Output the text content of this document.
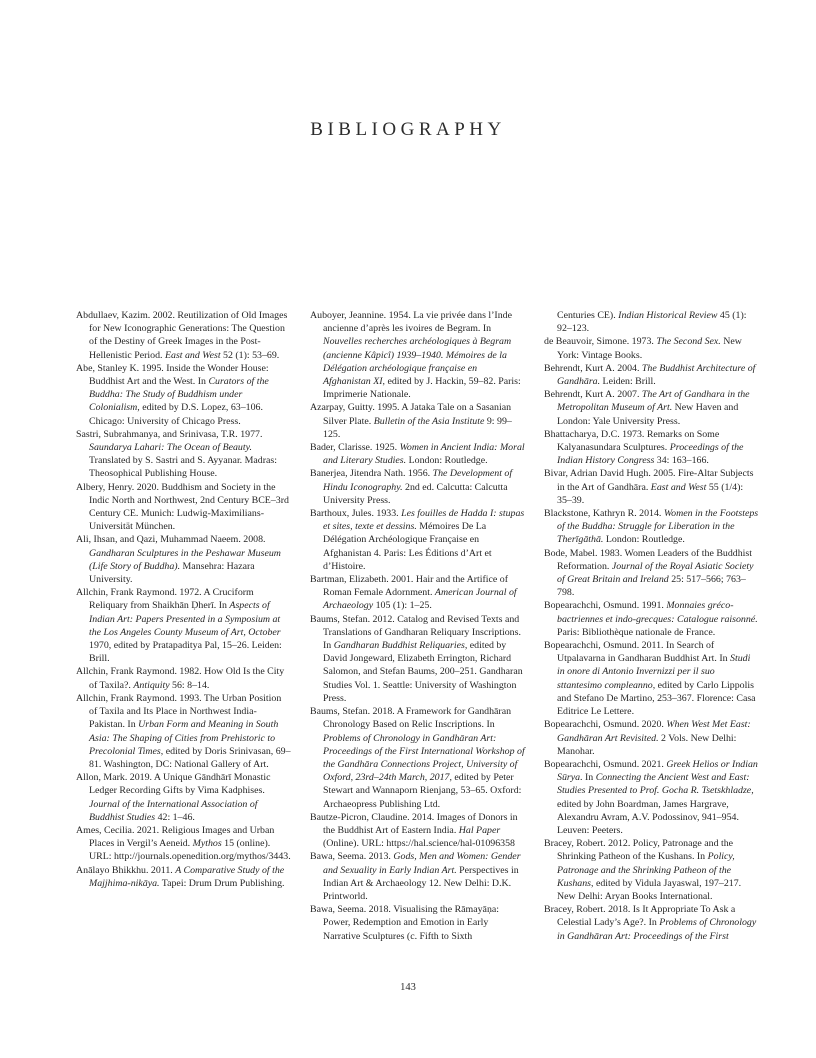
BIBLIOGRAPHY

Abdullaev, Kazim. 2002. Reutilization of Old Images for New Iconographic Generations: The Question of the Destiny of Greek Images in the Post-Hellenistic Period. East and West 52 (1): 53–69.

Abe, Stanley K. 1995. Inside the Wonder House: Buddhist Art and the West. In Curators of the Buddha: The Study of Buddhism under Colonialism, edited by D.S. Lopez, 63–106. Chicago: University of Chicago Press.

Sastri, Subrahmanya, and Srinivasa, T.R. 1977. Saundarya Lahari: The Ocean of Beauty. Translated by S. Sastri and S. Ayyanar. Madras: Theosophical Publishing House.

Albery, Henry. 2020. Buddhism and Society in the Indic North and Northwest, 2nd Century BCE–3rd Century CE. Munich: Ludwig-Maximilians-Universität München.

Ali, Ihsan, and Qazi, Muhammad Naeem. 2008. Gandharan Sculptures in the Peshawar Museum (Life Story of Buddha). Mansehra: Hazara University.

Allchin, Frank Raymond. 1972. A Cruciform Reliquary from Shaikhān Ḍherī. In Aspects of Indian Art: Papers Presented in a Symposium at the Los Angeles County Museum of Art, October 1970, edited by Pratapaditya Pal, 15–26. Leiden: Brill.

Allchin, Frank Raymond. 1982. How Old Is the City of Taxila?. Antiquity 56: 8–14.

Allchin, Frank Raymond. 1993. The Urban Position of Taxila and Its Place in Northwest India-Pakistan. In Urban Form and Meaning in South Asia: The Shaping of Cities from Prehistoric to Precolonial Times, edited by Doris Srinivasan, 69–81. Washington, DC: National Gallery of Art.

Allon, Mark. 2019. A Unique Gāndhārī Monastic Ledger Recording Gifts by Vima Kadphises. Journal of the International Association of Buddhist Studies 42: 1–46.

Ames, Cecilia. 2021. Religious Images and Urban Places in Vergil’s Aeneid. Mythos 15 (online). URL: http://journals.openedition.org/mythos/3443.

Anālayo Bhikkhu. 2011. A Comparative Study of the Majjhima-nikāya. Tapei: Drum Drum Publishing.

Auboyer, Jeannine. 1954. La vie privée dans l’Inde ancienne d’après les ivoires de Begram. In Nouvelles recherches archéologiques à Begram (ancienne Kâpicî) 1939–1940. Mémoires de la Délégation archéologique française en Afghanistan XI, edited by J. Hackin, 59–82. Paris: Imprimerie Nationale.

Azarpay, Guitty. 1995. A Jataka Tale on a Sasanian Silver Plate. Bulletin of the Asia Institute 9: 99–125.

Bader, Clarisse. 1925. Women in Ancient India: Moral and Literary Studies. London: Routledge.

Banerjea, Jitendra Nath. 1956. The Development of Hindu Iconography. 2nd ed. Calcutta: Calcutta University Press.

Barthoux, Jules. 1933. Les fouilles de Hadda I: stupas et sites, texte et dessins. Mémoires De La Délégation Archéologique Française en Afghanistan 4. Paris: Les Éditions d’Art et d’Histoire.

Bartman, Elizabeth. 2001. Hair and the Artifice of Roman Female Adornment. American Journal of Archaeology 105 (1): 1–25.

Baums, Stefan. 2012. Catalog and Revised Texts and Translations of Gandharan Reliquary Inscriptions. In Gandharan Buddhist Reliquaries, edited by David Jongeward, Elizabeth Errington, Richard Salomon, and Stefan Baums, 200–251. Gandharan Studies Vol. 1. Seattle: University of Washington Press.

Baums, Stefan. 2018. A Framework for Gandhāran Chronology Based on Relic Inscriptions. In Problems of Chronology in Gandhāran Art: Proceedings of the First International Workshop of the Gandhāra Connections Project, University of Oxford, 23rd–24th March, 2017, edited by Peter Stewart and Wannaporn Rienjang, 53–65. Oxford: Archaeopress Publishing Ltd.

Bautze-Picron, Claudine. 2014. Images of Donors in the Buddhist Art of Eastern India. Hal Paper (Online). URL: https://hal.science/hal-01096358

Bawa, Seema. 2013. Gods, Men and Women: Gender and Sexuality in Early Indian Art. Perspectives in Indian Art & Archaeology 12. New Delhi: D.K. Printworld.

Bawa, Seema. 2018. Visualising the Rāmayāṇa: Power, Redemption and Emotion in Early Narrative Sculptures (c. Fifth to Sixth

Centuries CE). Indian Historical Review 45 (1): 92–123.

de Beauvoir, Simone. 1973. The Second Sex. New York: Vintage Books.

Behrendt, Kurt A. 2004. The Buddhist Architecture of Gandhāra. Leiden: Brill.

Behrendt, Kurt A. 2007. The Art of Gandhara in the Metropolitan Museum of Art. New Haven and London: Yale University Press.

Bhattacharya, D.C. 1973. Remarks on Some Kalyanasundara Sculptures. Proceedings of the Indian History Congress 34: 163–166.

Bivar, Adrian David Hugh. 2005. Fire-Altar Subjects in the Art of Gandhāra. East and West 55 (1/4): 35–39.

Blackstone, Kathryn R. 2014. Women in the Footsteps of the Buddha: Struggle for Liberation in the Therīgāthā. London: Routledge.

Bode, Mabel. 1983. Women Leaders of the Buddhist Reformation. Journal of the Royal Asiatic Society of Great Britain and Ireland 25: 517–566; 763–798.

Bopearachchi, Osmund. 1991. Monnaies gréco-bactriennes et indo-grecques: Catalogue raisonné. Paris: Bibliothèque nationale de France.

Bopearachchi, Osmund. 2011. In Search of Utpalavarna in Gandharan Buddhist Art. In Studi in onore di Antonio Invernizzi per il suo sttantesimo compleanno, edited by Carlo Lippolis and Stefano De Martino, 253–367. Florence: Casa Editrice Le Lettere.

Bopearachchi, Osmund. 2020. When West Met East: Gandhāran Art Revisited. 2 Vols. New Delhi: Manohar.

Bopearachchi, Osmund. 2021. Greek Helios or Indian Sūrya. In Connecting the Ancient West and East: Studies Presented to Prof. Gocha R. Tsetskhladze, edited by John Boardman, James Hargrave, Alexandru Avram, A.V. Podossinov, 941–954. Leuven: Peeters.

Bracey, Robert. 2012. Policy, Patronage and the Shrinking Patheon of the Kushans. In Policy, Patronage and the Shrinking Patheon of the Kushans, edited by Vidula Jayaswal, 197–217. New Delhi: Aryan Books International.

Bracey, Robert. 2018. Is It Appropriate To Ask a Celestial Lady’s Age?. In Problems of Chronology in Gandhāran Art: Proceedings of the First

143
